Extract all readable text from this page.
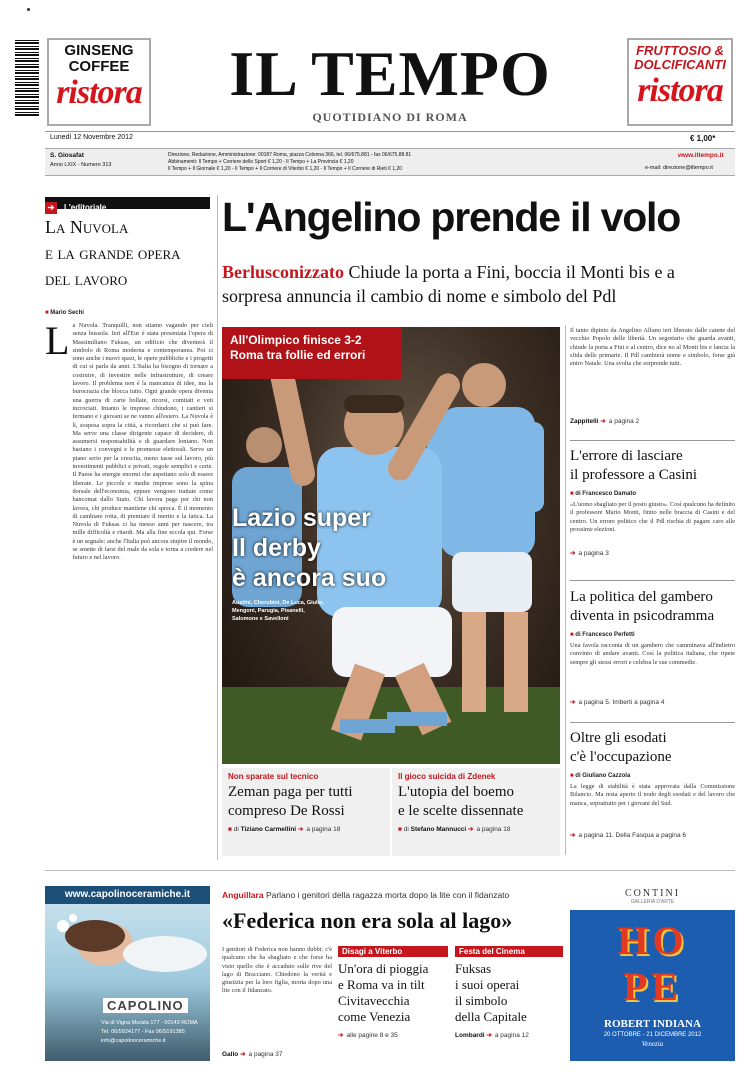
GINSENG
COFFEE
ristora	IL TEMPO
QUOTIDIANO DI ROMA
FRUTTOSIO &
DOLCIFICANTI
ristora
Lunedì 12 Novembre 2012	€ 1,00*
S. Giosafat
Anno LXIX - Numero 313
Direzione, Redazione, Amministrazione: 00187 Roma, piazza Colonna 366, tel. 06/675.881 - fax 06/675.88.81
Abbinamenti: Il Tempo + Corriere dello Sport € 1,20 - Il Tempo + La Provincia € 1,20
Il Tempo + Il Giornale € 1,20 - Il Tempo + Il Corriere di Viterbo € 1,20 - Il Tempo + Il Corriere di Rieti € 1,20
www.iltempo.it
e-mail: direzione@iltempo.it
➔ L'editoriale
La Nuvola
e la grande opera
del lavoro
■ Mario Sechi
L a Nuvola. Tranquilli, non stiamo vagando per cieli senza bussola. Ieri all'Eur è stata presentata l'opera di Massimiliano Fuksas, un edificio che diventerà il simbolo di Roma moderna e contemporanea. Poi ci sono anche i nuovi spazi, le opere pubbliche e i progetti di cui si parla da anni. L'Italia ha bisogno di tornare a costruire, di investire nelle infrastrutture, di creare lavoro. Il problema non è la mancanza di idee, ma la burocrazia che blocca tutto. Ogni grande opera diventa una guerra di carte bollate, ricorsi, comitati e veti incrociati. Intanto le imprese chiudono, i cantieri si fermano e i giovani se ne vanno all'estero. La Nuvola è lì, sospesa sopra la città, a ricordarci che si può fare. Ma serve una classe dirigente capace di decidere, di assumersi responsabilità e di guardare lontano. Non bastano i convegni e le promesse elettorali. Serve un piano serio per la crescita, meno tasse sul lavoro, più investimenti pubblici e privati, regole semplici e certe. Il Paese ha energie enormi che aspettano solo di essere liberate. Le piccole e medie imprese sono la spina dorsale dell'economia, eppure vengono trattate come bancomat dallo Stato. Chi lavora paga per chi non lavora, chi produce mantiene chi spreca. È il momento di cambiare rotta, di premiare il merito e la fatica. La Nuvola di Fuksas ci ha messo anni per nascere, tra mille difficoltà e ritardi. Ma alla fine eccola qui. Forse è un segnale: anche l'Italia può ancora stupire il mondo, se smette di farsi del male da sola e torna a credere nel futuro e nel lavoro.
L'Angelino prende il volo
Berlusconizzato Chiude la porta a Fini, boccia il Monti bis e a sorpresa annuncia il cambio di nome e simbolo del Pdl
All'Olimpico finisce 3-2
Roma tra follie ed errori
Lazio super
Il derby
è ancora suo
Austini, Cherubini, De Luca, Giulio,
Mengoni, Parugia, Pisanelli,
Salomone e Savelloni
Non sparate sul tecnico
Zeman paga per tutti
compreso De Rossi
■ di Tiziano Carmellini ➔ a pagina 18
Il gioco suicida di Zdenek
L'utopia del boemo
e le scelte dissennate
■ di Stefano Mannucci ➔ a pagina 18
Il tanto dipinto da Angelino Alfano ieri liberato dalle catene del vecchio Popolo delle libertà. Un segretario che guarda avanti, chiude la porta a Fini e al centro, dice no al Monti bis e lancia la sfida delle primarie. Il Pdl cambierà nome e simbolo, forse già entro Natale. Una svolta che sorprende tutti.
Zappitelli ➔ a pagina 2
L'errore di lasciare
il professore a Casini
■ di Francesco Damato
«L'uomo sbagliato per il posto giusto». Così qualcuno ha definito il professore Mario Monti, finito nelle braccia di Casini e del centro. Un errore politico che il Pdl rischia di pagare caro alle prossime elezioni.
➔ a pagina 3
La politica del gambero
diventa in psicodramma
■ di Francesco Perfetti
Una favola racconta di un gambero che camminava all'indietro convinto di andare avanti. Così la politica italiana, che ripete sempre gli stessi errori e celebra le sue commedie.
➔ a pagina 5. Imberti a pagina 4
Oltre gli esodati
c'è l'occupazione
■ di Giuliano Cazzola
La legge di stabilità è stata approvata dalla Commissione Bilancio. Ma resta aperto il nodo degli esodati e del lavoro che manca, soprattutto per i giovani del Sud.
➔ a pagina 11. Della Fasqua a pagina 6
www.capolinoceramiche.it
CAPOLINO
Via di Vigna Murata 177 - 00143 ROMA
Tel. 06/5924177 - Fax 06/5191385
info@capolinoceramiche.it
Anguillara Parlano i genitori della ragazza morta dopo la lite con il fidanzato
«Federica non era sola al lago»
I genitori di Federica non hanno dubbi: c'è qualcuno che ha sbagliato e che forse ha visto quello che è accaduto sulle rive del lago di Bracciano. Chiedono la verità e giustizia per la loro figlia, morta dopo una lite con il fidanzato.
Gallo ➔ a pagina 37
Disagi a Viterbo
Un'ora di pioggia
e Roma va in tilt
Civitavecchia
come Venezia
➔ alle pagine 8 e 35
Festa del Cinema
Fuksas
i suoi operai
il simbolo
della Capitale
Lombardi ➔ a pagina 12
CONTINI
GALLERIA D'ARTE
HOPE
ROBERT INDIANA
20 OTTOBRE - 21 DICEMBRE 2012
Venezia
